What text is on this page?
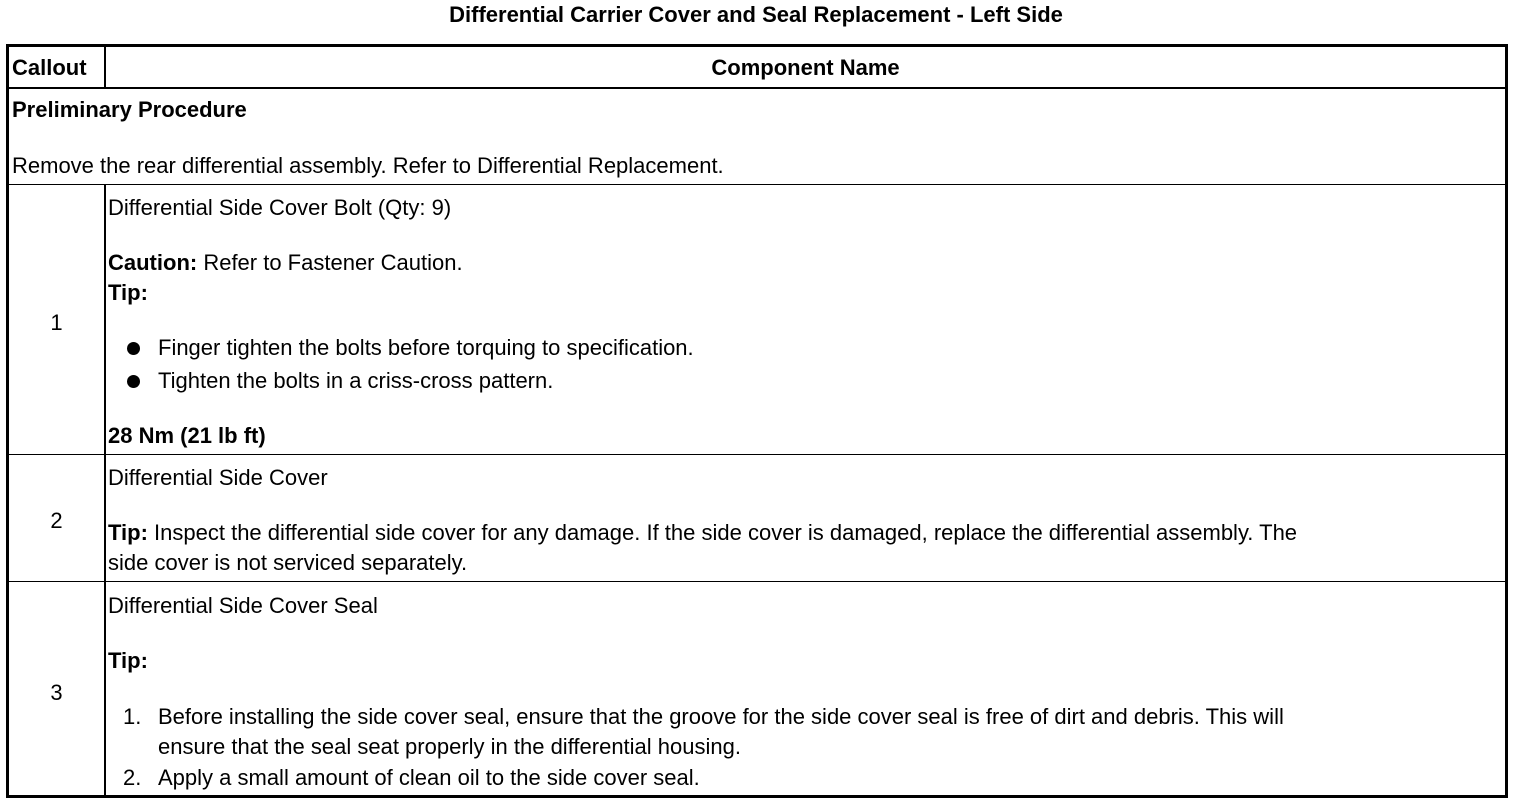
Differential Carrier Cover and Seal Replacement - Left Side
Callout	Component Name
Preliminary Procedure
Remove the rear differential assembly. Refer to Differential Replacement.
1
Differential Side Cover Bolt (Qty: 9)
Caution: Refer to Fastener Caution.
Tip:
Finger tighten the bolts before torquing to specification.
Tighten the bolts in a criss-cross pattern.
28 Nm (21 lb ft)
2
Differential Side Cover
Tip: Inspect the differential side cover for any damage. If the side cover is damaged, replace the differential assembly. The
side cover is not serviced separately.
3
Differential Side Cover Seal
Tip:
1. Before installing the side cover seal, ensure that the groove for the side cover seal is free of dirt and debris. This will
ensure that the seal seat properly in the differential housing.
2. Apply a small amount of clean oil to the side cover seal.
